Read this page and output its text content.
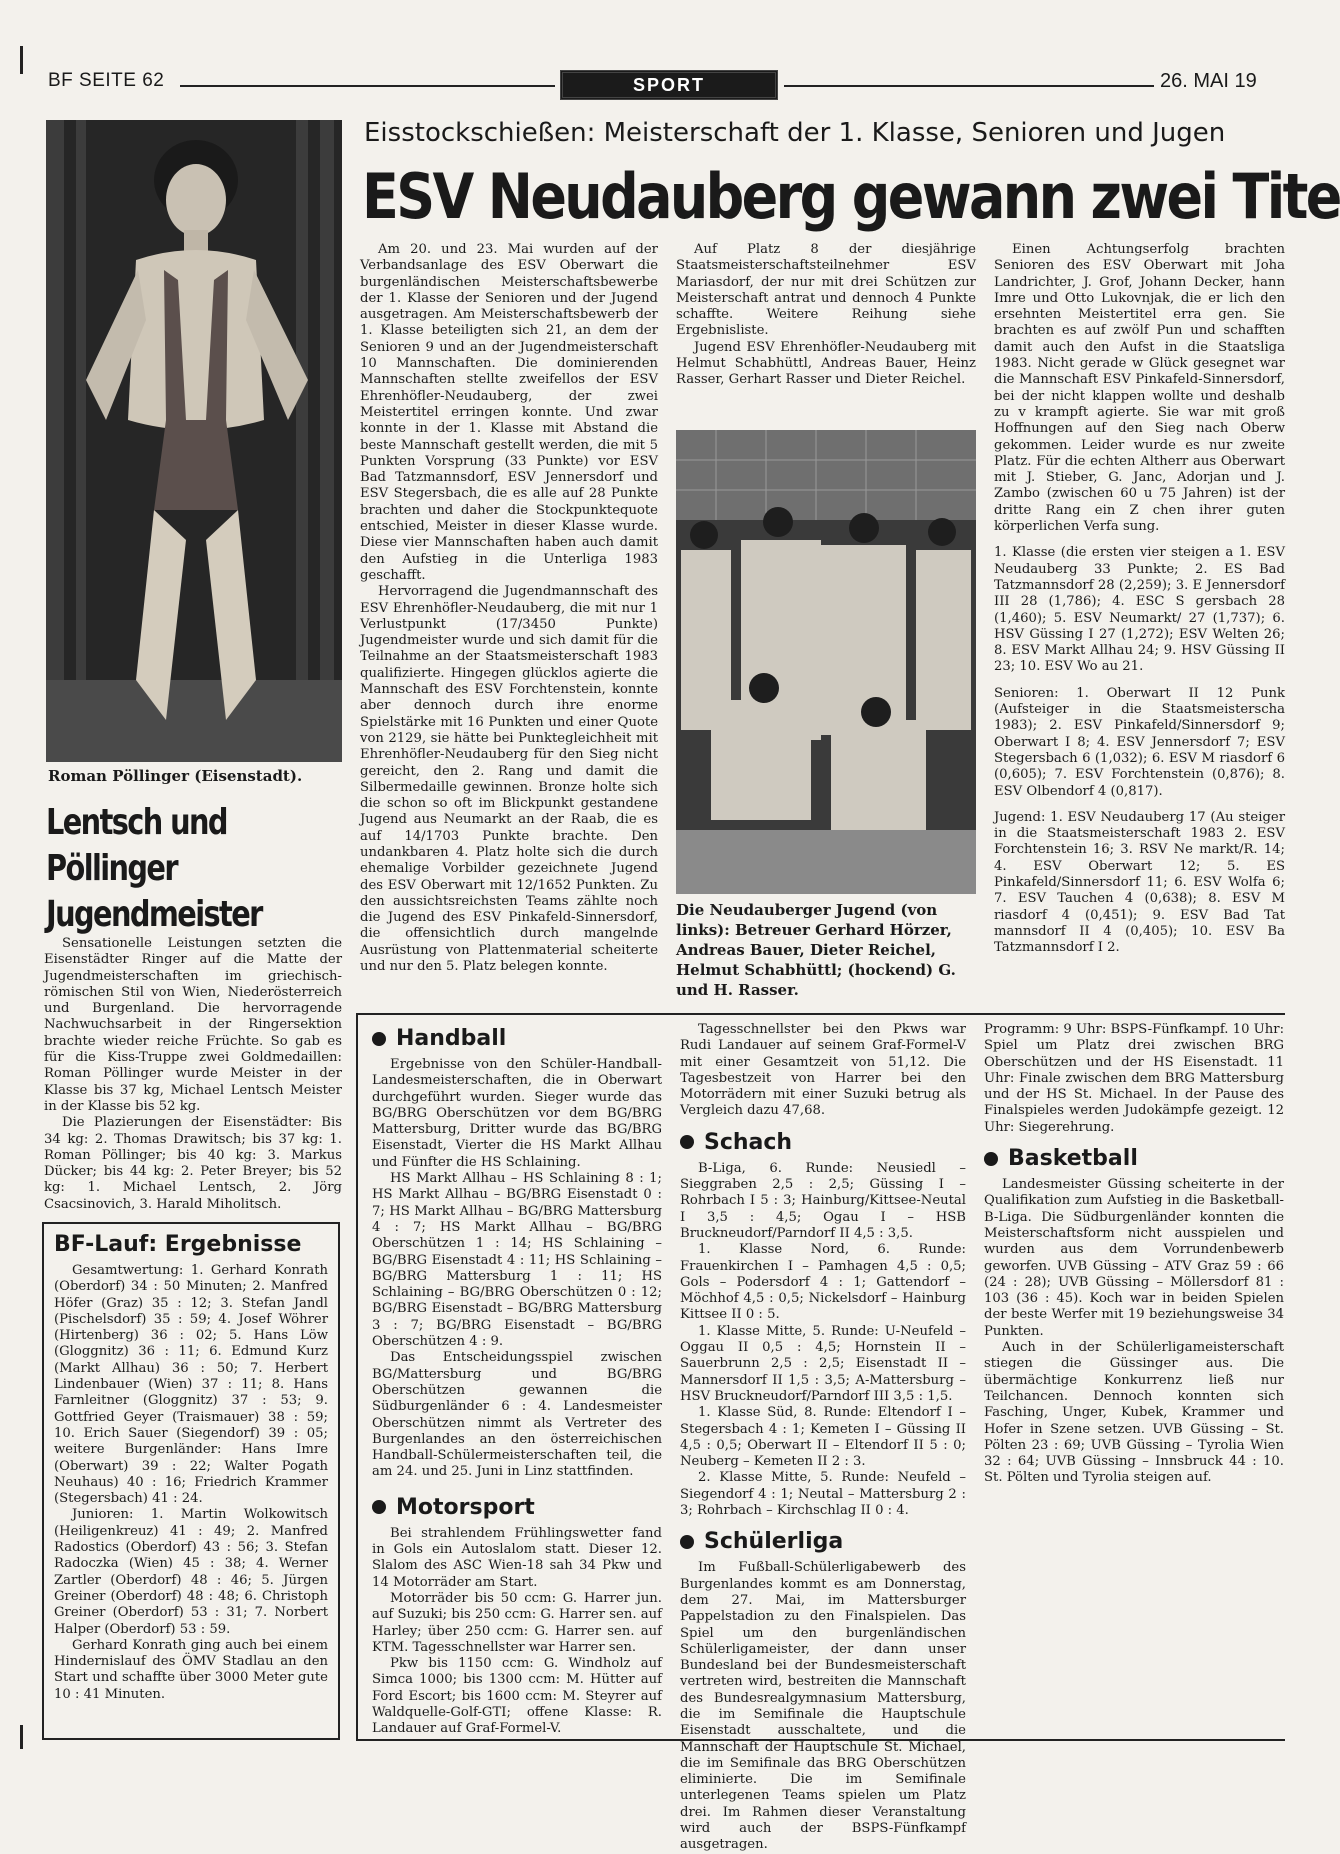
BF SEITE 62	SPORT	26. MAI 19
Eisstockschießen: Meisterschaft der 1. Klasse, Senioren und Jugen
ESV Neudauberg gewann zwei Tite
Roman Pöllinger (Eisenstadt).
Lentsch und
Pöllinger
Jugendmeister

Sensationelle Leistungen setzten die Eisenstädter Ringer auf die Matte der Jugendmeisterschaften im griechisch-römischen Stil von Wien, Niederösterreich und Burgenland. Die hervorragende Nachwuchsarbeit in der Ringersektion brachte wieder reiche Früchte. So gab es für die Kiss-Truppe zwei Goldmedaillen: Roman Pöllinger wurde Meister in der Klasse bis 37 kg, Michael Lentsch Meister in der Klasse bis 52 kg.

Die Plazierungen der Eisenstädter: Bis 34 kg: 2. Thomas Drawitsch; bis 37 kg: 1. Roman Pöllinger; bis 40 kg: 3. Markus Dücker; bis 44 kg: 2. Peter Breyer; bis 52 kg: 1. Michael Lentsch, 2. Jörg Csacsinovich, 3. Harald Miholitsch.

BF-Lauf: Ergebnisse

Gesamtwertung: 1. Gerhard Konrath (Oberdorf) 34 : 50 Minuten; 2. Manfred Höfer (Graz) 35 : 12; 3. Stefan Jandl (Pischelsdorf) 35 : 59; 4. Josef Wöhrer (Hirtenberg) 36 : 02; 5. Hans Löw (Gloggnitz) 36 : 11; 6. Edmund Kurz (Markt Allhau) 36 : 50; 7. Herbert Lindenbauer (Wien) 37 : 11; 8. Hans Farnleitner (Gloggnitz) 37 : 53; 9. Gottfried Geyer (Traismauer) 38 : 59; 10. Erich Sauer (Siegendorf) 39 : 05; weitere Burgenländer: Hans Imre (Oberwart) 39 : 22; Walter Pogath Neuhaus) 40 : 16; Friedrich Krammer (Stegersbach) 41 : 24.

Junioren: 1. Martin Wolkowitsch (Heiligenkreuz) 41 : 49; 2. Manfred Radostics (Oberdorf) 43 : 56; 3. Stefan Radoczka (Wien) 45 : 38; 4. Werner Zartler (Oberdorf) 48 : 46; 5. Jürgen Greiner (Oberdorf) 48 : 48; 6. Christoph Greiner (Oberdorf) 53 : 31; 7. Norbert Halper (Oberdorf) 53 : 59.

Gerhard Konrath ging auch bei einem Hindernislauf des ÖMV Stadlau an den Start und schaffte über 3000 Meter gute 10 : 41 Minuten.

Am 20. und 23. Mai wurden auf der Verbandsanlage des ESV Oberwart die burgenländischen Meisterschaftsbewerbe der 1. Klasse der Senioren und der Jugend ausgetragen. Am Meisterschaftsbewerb der 1. Klasse beteiligten sich 21, an dem der Senioren 9 und an der Jugendmeisterschaft 10 Mannschaften. Die dominierenden Mannschaften stellte zweifellos der ESV Ehrenhöfler-Neudauberg, der zwei Meistertitel erringen konnte. Und zwar konnte in der 1. Klasse mit Abstand die beste Mannschaft gestellt werden, die mit 5 Punkten Vorsprung (33 Punkte) vor ESV Bad Tatzmannsdorf, ESV Jennersdorf und ESV Stegersbach, die es alle auf 28 Punkte brachten und daher die Stockpunktequote entschied, Meister in dieser Klasse wurde. Diese vier Mannschaften haben auch damit den Aufstieg in die Unterliga 1983 geschafft.

Hervorragend die Jugendmannschaft des ESV Ehrenhöfler-Neudauberg, die mit nur 1 Verlustpunkt (17/3450 Punkte) Jugendmeister wurde und sich damit für die Teilnahme an der Staatsmeisterschaft 1983 qualifizierte. Hingegen glücklos agierte die Mannschaft des ESV Forchtenstein, konnte aber dennoch durch ihre enorme Spielstärke mit 16 Punkten und einer Quote von 2129, sie hätte bei Punktegleichheit mit Ehrenhöfler-Neudauberg für den Sieg nicht gereicht, den 2. Rang und damit die Silbermedaille gewinnen. Bronze holte sich die schon so oft im Blickpunkt gestandene Jugend aus Neumarkt an der Raab, die es auf 14/1703 Punkte brachte. Den undankbaren 4. Platz holte sich die durch ehemalige Vorbilder gezeichnete Jugend des ESV Oberwart mit 12/1652 Punkten. Zu den aussichtsreichsten Teams zählte noch die Jugend des ESV Pinkafeld-Sinnersdorf, die offensichtlich durch mangelnde Ausrüstung von Plattenmaterial scheiterte und nur den 5. Platz belegen konnte.

Auf Platz 8 der diesjährige Staatsmeisterschaftsteilnehmer ESV Mariasdorf, der nur mit drei Schützen zur Meisterschaft antrat und dennoch 4 Punkte schaffte. Weitere Reihung siehe Ergebnisliste.

Jugend ESV Ehrenhöfler-Neudauberg mit Helmut Schabhüttl, Andreas Bauer, Heinz Rasser, Gerhart Rasser und Dieter Reichel.

Die Neudauberger Jugend (von links): Betreuer Gerhard Hörzer, Andreas Bauer, Dieter Reichel, Helmut Schabhüttl; (hockend) G. und H. Rasser.

Einen Achtungserfolg brachten Senioren des ESV Oberwart mit Joha Landrichter, J. Grof, Johann Decker, hann Imre und Otto Lukovnjak, die er lich den ersehnten Meistertitel erra gen. Sie brachten es auf zwölf Pun und schafften damit auch den Aufst in die Staatsliga 1983. Nicht gerade w Glück gesegnet war die Mannschaft ESV Pinkafeld-Sinnersdorf, bei der nicht klappen wollte und deshalb zu v krampft agierte. Sie war mit groß Hoffnungen auf den Sieg nach Oberw gekommen. Leider wurde es nur zweite Platz. Für die echten Altherr aus Oberwart mit J. Stieber, G. Janc, Adorjan und J. Zambo (zwischen 60 u 75 Jahren) ist der dritte Rang ein Z chen ihrer guten körperlichen Verfa sung.

1. Klasse (die ersten vier steigen a 1. ESV Neudauberg 33 Punkte; 2. ES Bad Tatzmannsdorf 28 (2,259); 3. E Jennersdorf III 28 (1,786); 4. ESC S gersbach 28 (1,460); 5. ESV Neumarkt/ 27 (1,737); 6. HSV Güssing I 27 (1,272); ESV Welten 26; 8. ESV Markt Allhau 24; 9. HSV Güssing II 23; 10. ESV Wo au 21.

Senioren: 1. Oberwart II 12 Punk (Aufsteiger in die Staatsmeisterscha 1983); 2. ESV Pinkafeld/Sinnersdorf 9; Oberwart I 8; 4. ESV Jennersdorf 7; ESV Stegersbach 6 (1,032); 6. ESV M riasdorf 6 (0,605); 7. ESV Forchtenstein (0,876); 8. ESV Olbendorf 4 (0,817).

Jugend: 1. ESV Neudauberg 17 (Au steiger in die Staatsmeisterschaft 1983 2. ESV Forchtenstein 16; 3. RSV Ne markt/R. 14; 4. ESV Oberwart 12; 5. ES Pinkafeld/Sinnersdorf 11; 6. ESV Wolfa 6; 7. ESV Tauchen 4 (0,638); 8. ESV M riasdorf 4 (0,451); 9. ESV Bad Tat mannsdorf II 4 (0,405); 10. ESV Ba Tatzmannsdorf I 2.

Handball

Ergebnisse von den Schüler-Handball-Landesmeisterschaften, die in Oberwart durchgeführt wurden. Sieger wurde das BG/BRG Oberschützen vor dem BG/BRG Mattersburg, Dritter wurde das BG/BRG Eisenstadt, Vierter die HS Markt Allhau und Fünfter die HS Schlaining.

HS Markt Allhau – HS Schlaining 8 : 1; HS Markt Allhau – BG/BRG Eisenstadt 0 : 7; HS Markt Allhau – BG/BRG Mattersburg 4 : 7; HS Markt Allhau – BG/BRG Oberschützen 1 : 14; HS Schlaining – BG/BRG Eisenstadt 4 : 11; HS Schlaining – BG/BRG Mattersburg 1 : 11; HS Schlaining – BG/BRG Oberschützen 0 : 12; BG/BRG Eisenstadt – BG/BRG Mattersburg 3 : 7; BG/BRG Eisenstadt – BG/BRG Oberschützen 4 : 9.

Das Entscheidungsspiel zwischen BG/Mattersburg und BG/BRG Oberschützen gewannen die Südburgenländer 6 : 4. Landesmeister Oberschützen nimmt als Vertreter des Burgenlandes an den österreichischen Handball-Schülermeisterschaften teil, die am 24. und 25. Juni in Linz stattfinden.

Motorsport

Bei strahlendem Frühlingswetter fand in Gols ein Autoslalom statt. Dieser 12. Slalom des ASC Wien-18 sah 34 Pkw und 14 Motorräder am Start.

Motorräder bis 50 ccm: G. Harrer jun. auf Suzuki; bis 250 ccm: G. Harrer sen. auf Harley; über 250 ccm: G. Harrer sen. auf KTM. Tagesschnellster war Harrer sen.

Pkw bis 1150 ccm: G. Windholz auf Simca 1000; bis 1300 ccm: M. Hütter auf Ford Escort; bis 1600 ccm: M. Steyrer auf Waldquelle-Golf-GTI; offene Klasse: R. Landauer auf Graf-Formel-V.

Tagesschnellster bei den Pkws war Rudi Landauer auf seinem Graf-Formel-V mit einer Gesamtzeit von 51,12. Die Tagesbestzeit von Harrer bei den Motorrädern mit einer Suzuki betrug als Vergleich dazu 47,68.

Schach

B-Liga, 6. Runde: Neusiedl – Sieggraben 2,5 : 2,5; Güssing I – Rohrbach I 5 : 3; Hainburg/Kittsee-Neutal I 3,5 : 4,5; Ogau I – HSB Bruckneudorf/Parndorf II 4,5 : 3,5.

1. Klasse Nord, 6. Runde: Frauenkirchen I – Pamhagen 4,5 : 0,5; Gols – Podersdorf 4 : 1; Gattendorf – Möchhof 4,5 : 0,5; Nickelsdorf – Hainburg Kittsee II 0 : 5.

1. Klasse Mitte, 5. Runde: U-Neufeld – Oggau II 0,5 : 4,5; Hornstein II – Sauerbrunn 2,5 : 2,5; Eisenstadt II – Mannersdorf II 1,5 : 3,5; A-Mattersburg – HSV Bruckneudorf/Parndorf III 3,5 : 1,5.

1. Klasse Süd, 8. Runde: Eltendorf I – Stegersbach 4 : 1; Kemeten I – Güssing II 4,5 : 0,5; Oberwart II – Eltendorf II 5 : 0; Neuberg – Kemeten II 2 : 3.

2. Klasse Mitte, 5. Runde: Neufeld – Siegendorf 4 : 1; Neutal – Mattersburg 2 : 3; Rohrbach – Kirchschlag II 0 : 4.

Schülerliga

Im Fußball-Schülerligabewerb des Burgenlandes kommt es am Donnerstag, dem 27. Mai, im Mattersburger Pappelstadion zu den Finalspielen. Das Spiel um den burgenländischen Schülerligameister, der dann unser Bundesland bei der Bundesmeisterschaft vertreten wird, bestreiten die Mannschaft des Bundesrealgymnasium Mattersburg, die im Semifinale die Hauptschule Eisenstadt ausschaltete, und die Mannschaft der Hauptschule St. Michael, die im Semifinale das BRG Oberschützen eliminierte. Die im Semifinale unterlegenen Teams spielen um Platz drei. Im Rahmen dieser Veranstaltung wird auch der BSPS-Fünfkampf ausgetragen.

Programm: 9 Uhr: BSPS-Fünfkampf. 10 Uhr: Spiel um Platz drei zwischen BRG Oberschützen und der HS Eisenstadt. 11 Uhr: Finale zwischen dem BRG Mattersburg und der HS St. Michael. In der Pause des Finalspieles werden Judokämpfe gezeigt. 12 Uhr: Siegerehrung.

Basketball

Landesmeister Güssing scheiterte in der Qualifikation zum Aufstieg in die Basketball-B-Liga. Die Südburgenländer konnten die Meisterschaftsform nicht ausspielen und wurden aus dem Vorrundenbewerb geworfen. UVB Güssing – ATV Graz 59 : 66 (24 : 28); UVB Güssing – Möllersdorf 81 : 103 (36 : 45). Koch war in beiden Spielen der beste Werfer mit 19 beziehungsweise 34 Punkten.

Auch in der Schülerligameisterschaft stiegen die Güssinger aus. Die übermächtige Konkurrenz ließ nur Teilchancen. Dennoch konnten sich Fasching, Unger, Kubek, Krammer und Hofer in Szene setzen. UVB Güssing – St. Pölten 23 : 69; UVB Güssing – Tyrolia Wien 32 : 64; UVB Güssing – Innsbruck 44 : 10. St. Pölten und Tyrolia steigen auf.
